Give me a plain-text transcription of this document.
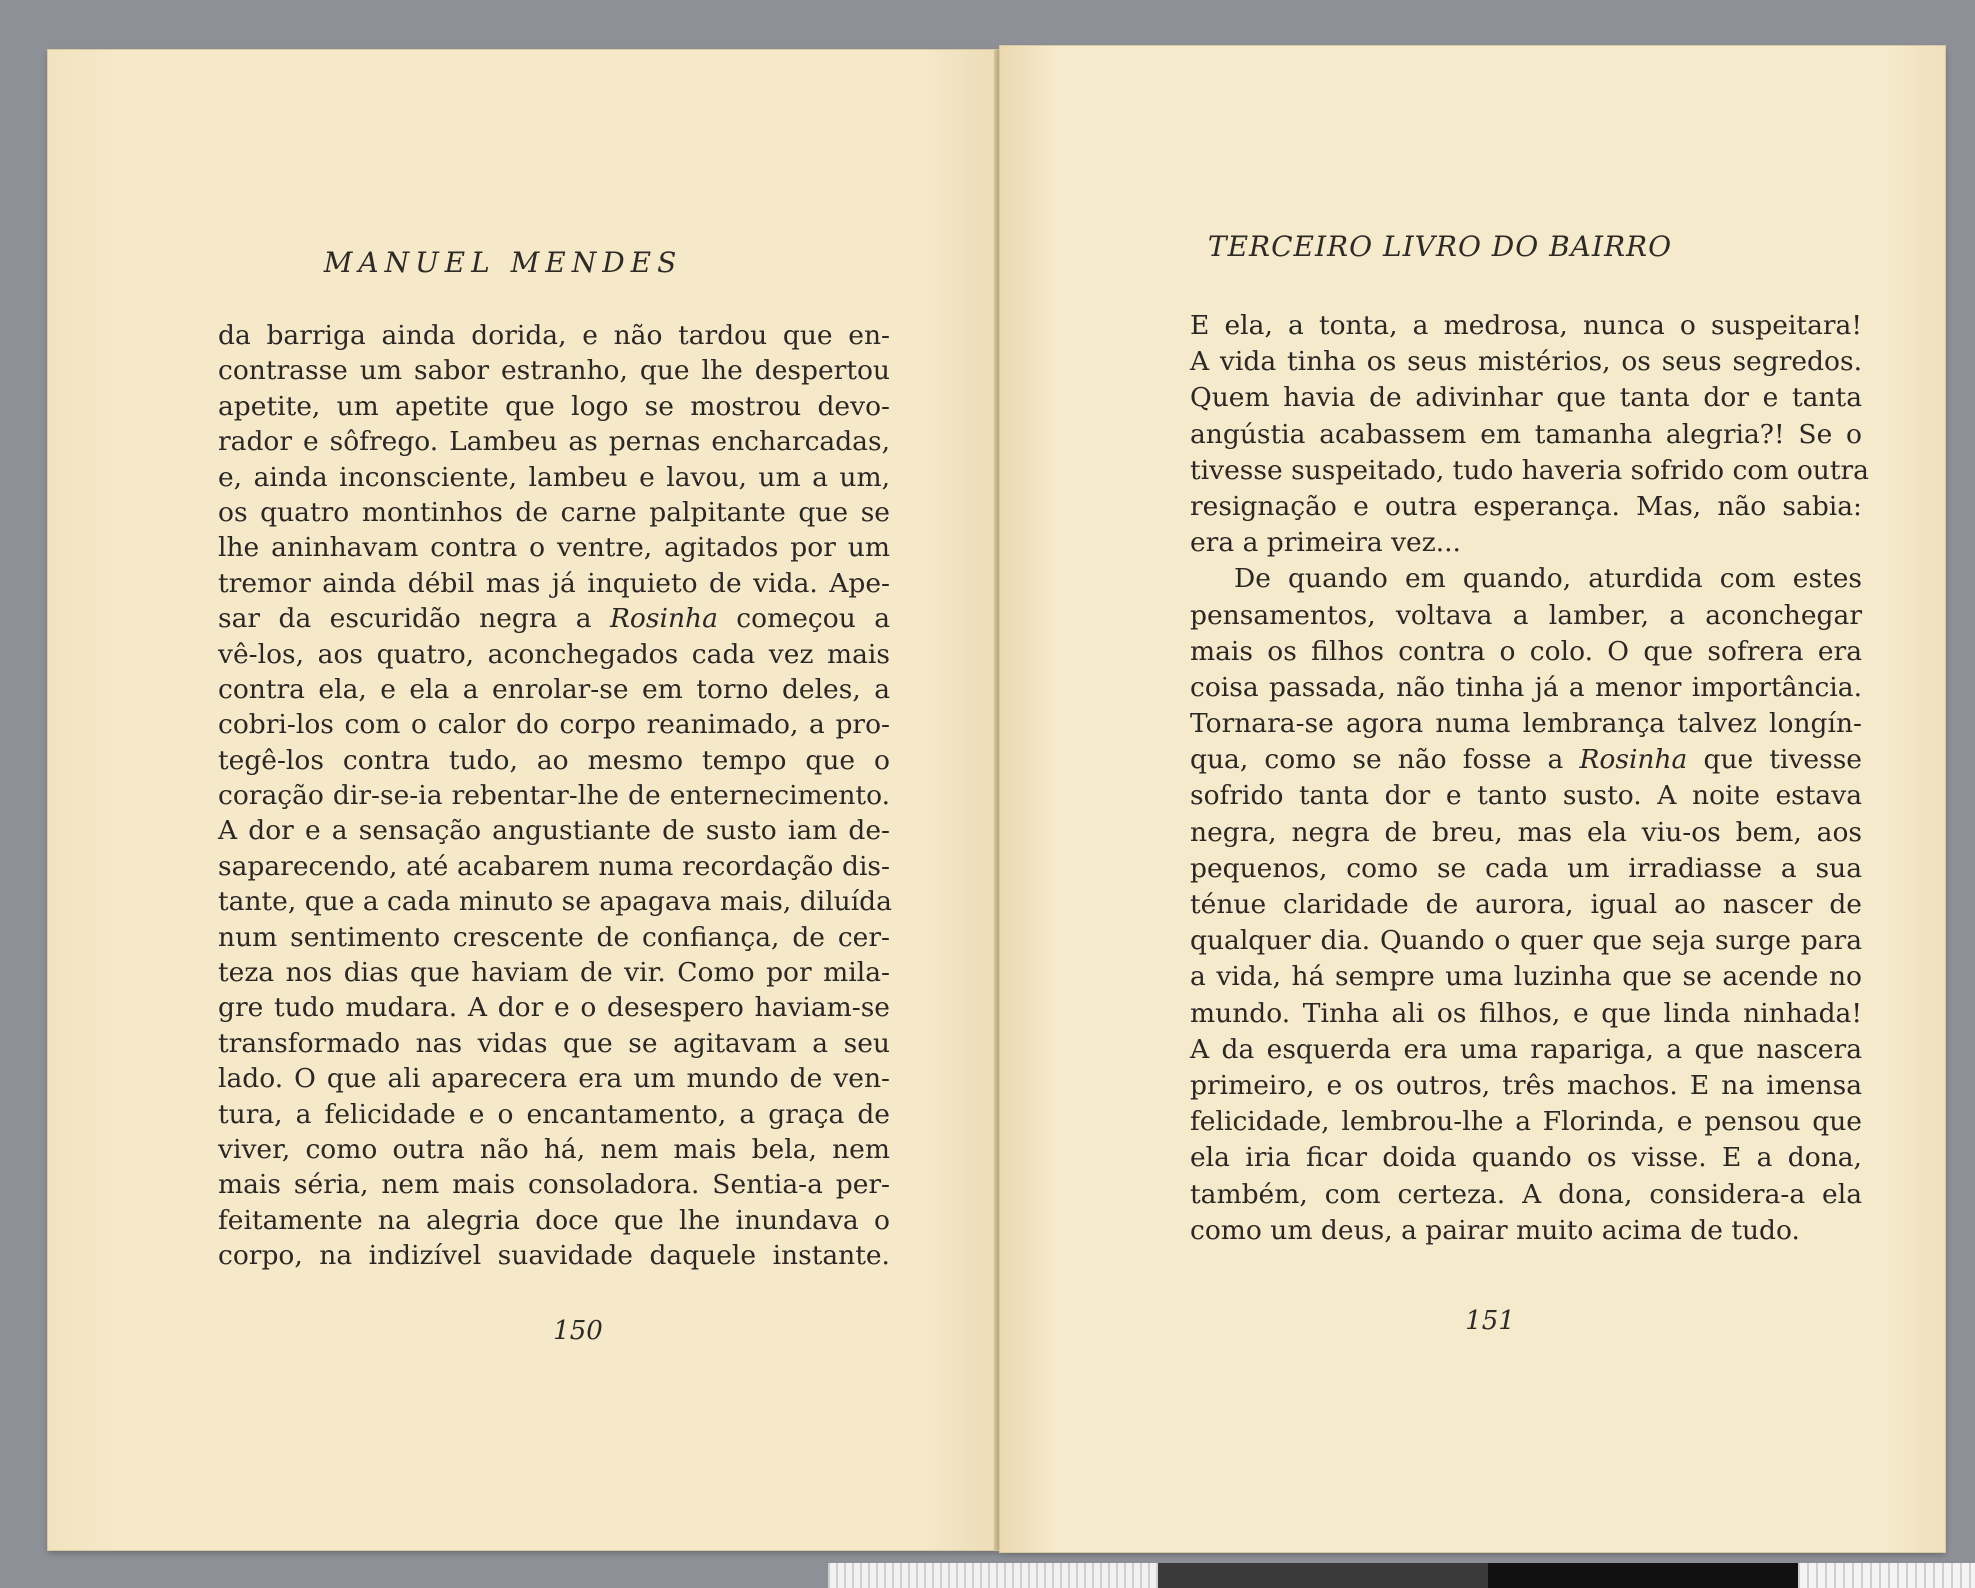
MANUEL MENDES
da barriga ainda dorida, e não tardou que en-
contrasse um sabor estranho, que lhe despertou
apetite, um apetite que logo se mostrou devo-
rador e sôfrego. Lambeu as pernas encharcadas,
e, ainda inconsciente, lambeu e lavou, um a um,
os quatro montinhos de carne palpitante que se
lhe aninhavam contra o ventre, agitados por um
tremor ainda débil mas já inquieto de vida. Ape-
sar da escuridão negra a Rosinha começou a
vê-los, aos quatro, aconchegados cada vez mais
contra ela, e ela a enrolar-se em torno deles, a
cobri-los com o calor do corpo reanimado, a pro-
tegê-los contra tudo, ao mesmo tempo que o
coração dir-se-ia rebentar-lhe de enternecimento.
A dor e a sensação angustiante de susto iam de-
saparecendo, até acabarem numa recordação dis-
tante, que a cada minuto se apagava mais, diluída
num sentimento crescente de confiança, de cer-
teza nos dias que haviam de vir. Como por mila-
gre tudo mudara. A dor e o desespero haviam-se
transformado nas vidas que se agitavam a seu
lado. O que ali aparecera era um mundo de ven-
tura, a felicidade e o encantamento, a graça de
viver, como outra não há, nem mais bela, nem
mais séria, nem mais consoladora. Sentia-a per-
feitamente na alegria doce que lhe inundava o
corpo, na indizível suavidade daquele instante.
150
TERCEIRO LIVRO DO BAIRRO
E ela, a tonta, a medrosa, nunca o suspeitara!
A vida tinha os seus mistérios, os seus segredos.
Quem havia de adivinhar que tanta dor e tanta
angústia acabassem em tamanha alegria?! Se o
tivesse suspeitado, tudo haveria sofrido com outra
resignação e outra esperança. Mas, não sabia:
era a primeira vez...
De quando em quando, aturdida com estes
pensamentos, voltava a lamber, a aconchegar
mais os filhos contra o colo. O que sofrera era
coisa passada, não tinha já a menor importância.
Tornara-se agora numa lembrança talvez longín-
qua, como se não fosse a Rosinha que tivesse
sofrido tanta dor e tanto susto. A noite estava
negra, negra de breu, mas ela viu-os bem, aos
pequenos, como se cada um irradiasse a sua
ténue claridade de aurora, igual ao nascer de
qualquer dia. Quando o quer que seja surge para
a vida, há sempre uma luzinha que se acende no
mundo. Tinha ali os filhos, e que linda ninhada!
A da esquerda era uma rapariga, a que nascera
primeiro, e os outros, três machos. E na imensa
felicidade, lembrou-lhe a Florinda, e pensou que
ela iria ficar doida quando os visse. E a dona,
também, com certeza. A dona, considera-a ela
como um deus, a pairar muito acima de tudo.
151
